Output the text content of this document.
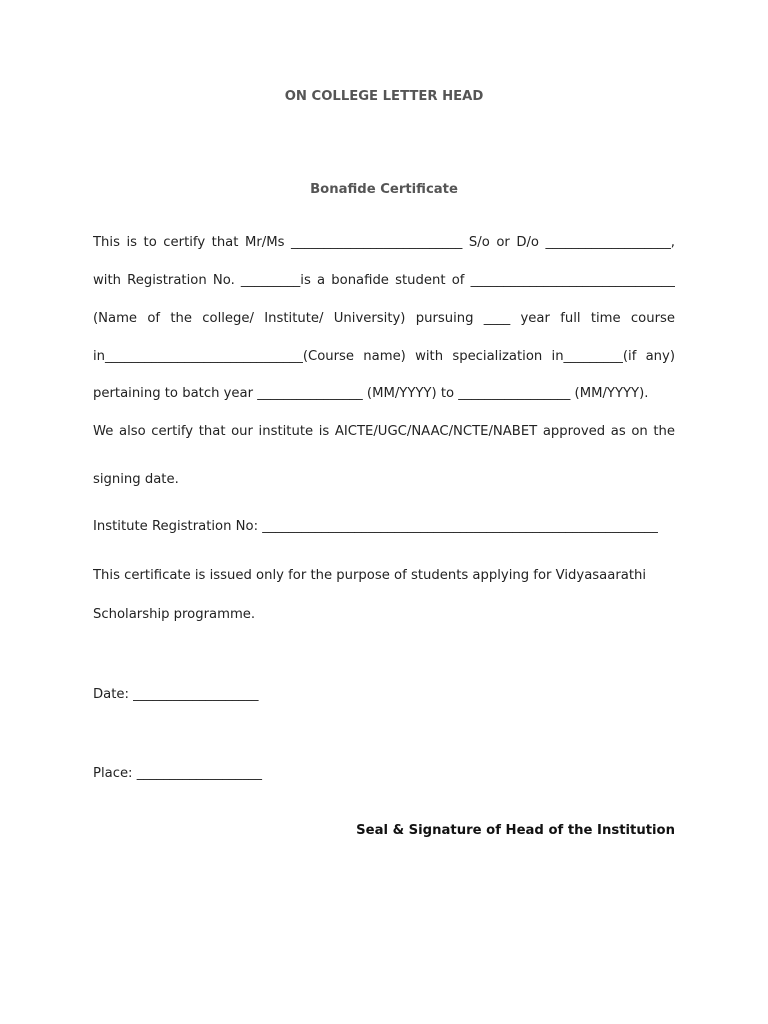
ON COLLEGE LETTER HEAD
Bonafide Certificate
This is to certify that Mr/Ms __________________________ S/o or D/o ___________________,
with Registration No. _________is a bonafide student of _______________________________
(Name of the college/ Institute/ University) pursuing ____ year full time course
in______________________________(Course name) with specialization in_________(if any)
pertaining to batch year ________________ (MM/YYYY) to _________________ (MM/YYYY).
We also certify that our institute is AICTE/UGC/NAAC/NCTE/NABET approved as on the
signing date.
Institute Registration No: ____________________________________________________________
This certificate is issued only for the purpose of students applying for Vidyasaarathi
Scholarship programme.
Date: ___________________
Place: ___________________
Seal & Signature of Head of the Institution
